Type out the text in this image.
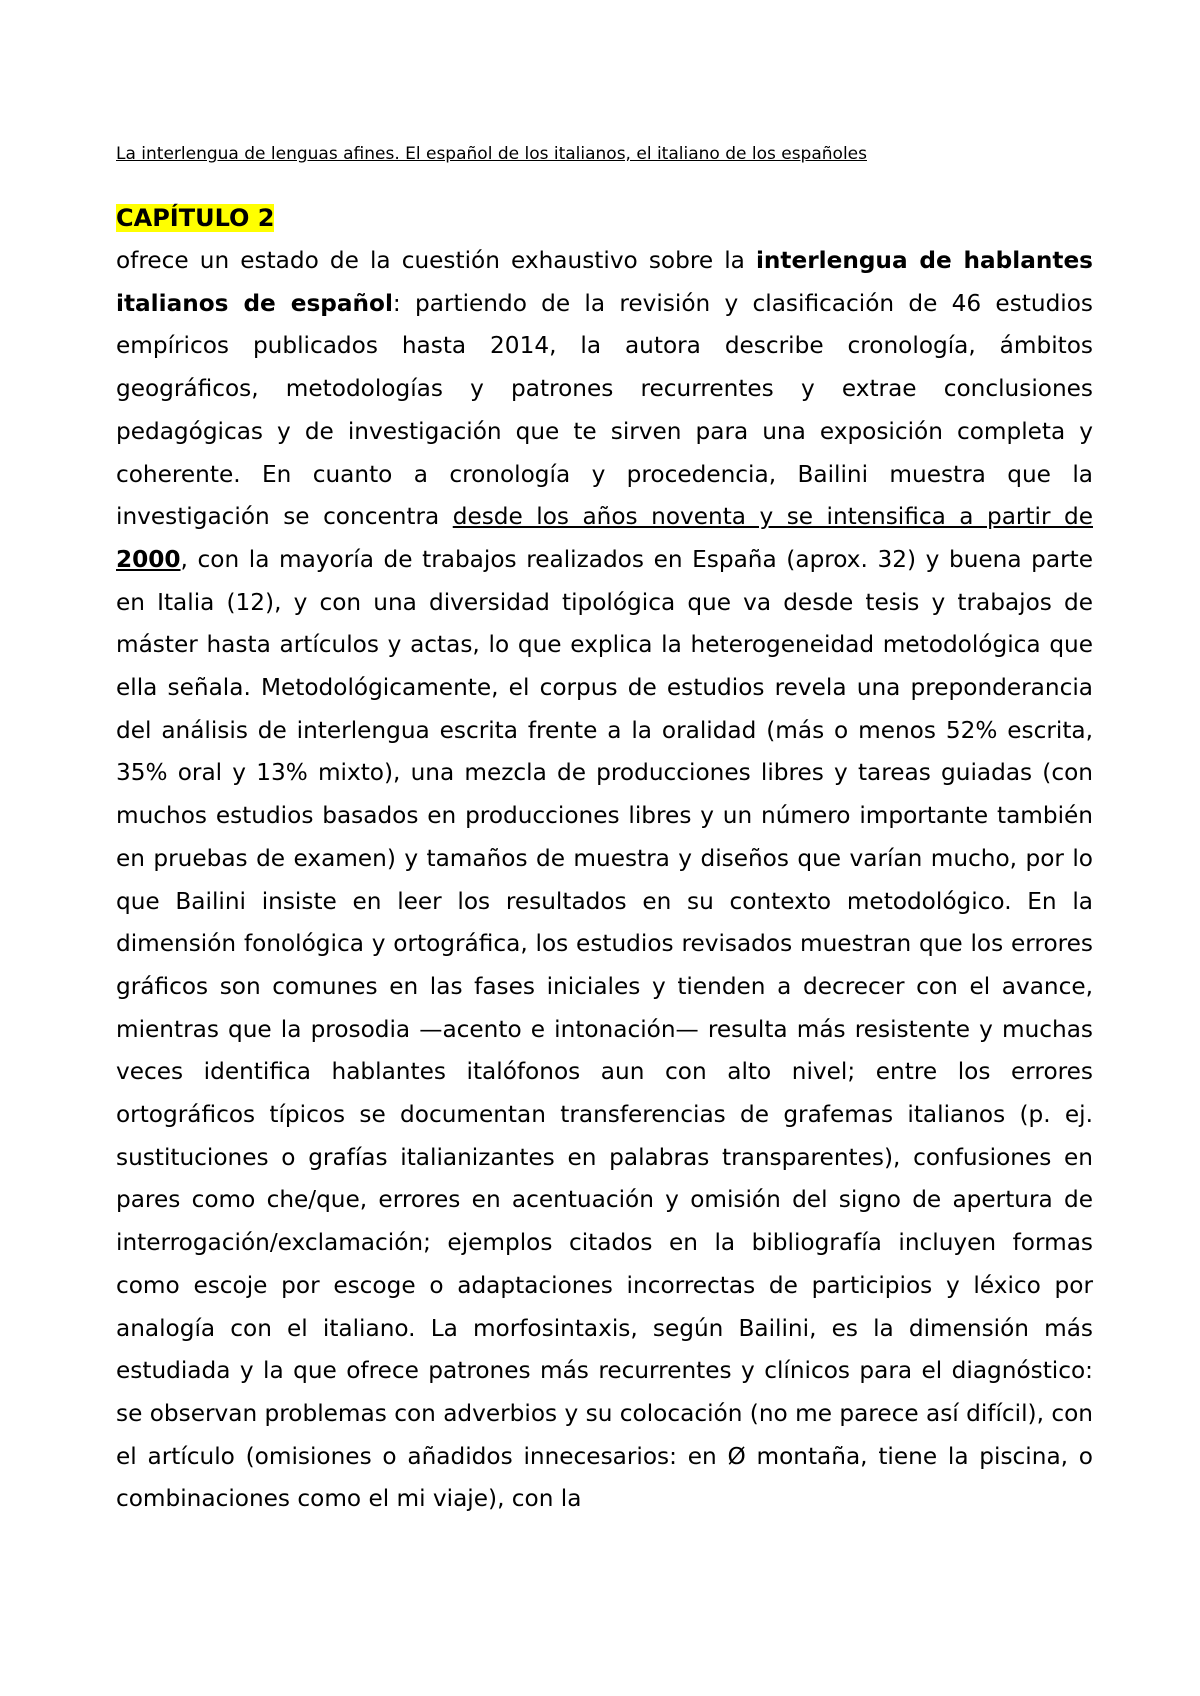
La interlengua de lenguas afines. El español de los italianos, el italiano de los españoles
CAPÍTULO 2

ofrece un estado de la cuestión exhaustivo sobre la interlengua de hablantes italianos de español: partiendo de la revisión y clasificación de 46 estudios empíricos publicados hasta 2014, la autora describe cronología, ámbitos geográficos, metodologías y patrones recurrentes y extrae conclusiones pedagógicas y de investigación que te sirven para una exposición completa y coherente. En cuanto a cronología y procedencia, Bailini muestra que la investigación se concentra desde los años noventa y se intensifica a partir de 2000, con la mayoría de trabajos realizados en España (aprox. 32) y buena parte en Italia (12), y con una diversidad tipológica que va desde tesis y trabajos de máster hasta artículos y actas, lo que explica la heterogeneidad metodológica que ella señala. Metodológicamente, el corpus de estudios revela una preponderancia del análisis de interlengua escrita frente a la oralidad (más o menos 52% escrita, 35% oral y 13% mixto), una mezcla de producciones libres y tareas guiadas (con muchos estudios basados en producciones libres y un número importante también en pruebas de examen) y tamaños de muestra y diseños que varían mucho, por lo que Bailini insiste en leer los resultados en su contexto metodológico. En la dimensión fonológica y ortográfica, los estudios revisados muestran que los errores gráficos son comunes en las fases iniciales y tienden a decrecer con el avance, mientras que la prosodia —acento e intonación— resulta más resistente y muchas veces identifica hablantes italófonos aun con alto nivel; entre los errores ortográficos típicos se documentan transferencias de grafemas italianos (p. ej. sustituciones o grafías italianizantes en palabras transparentes), confusiones en pares como che/que, errores en acentuación y omisión del signo de apertura de interrogación/exclamación; ejemplos citados en la bibliografía incluyen formas como escoje por escoge o adaptaciones incorrectas de participios y léxico por analogía con el italiano. La morfosintaxis, según Bailini, es la dimensión más estudiada y la que ofrece patrones más recurrentes y clínicos para el diagnóstico: se observan problemas con adverbios y su colocación (no me parece así difícil), con el artículo (omisiones o añadidos innecesarios: en Ø montaña, tiene la piscina, o combinaciones como el mi viaje), con la
